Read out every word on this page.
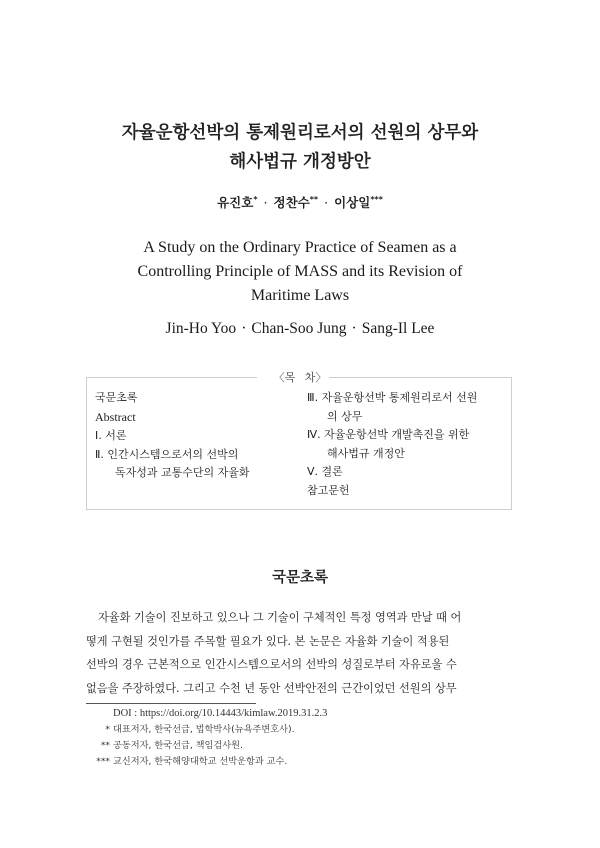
자율운항선박의 통제원리로서의 선원의 상무와
해사법규 개정방안
유진호* · 정찬수** · 이상일***
A Study on the Ordinary Practice of Seamen as a
Controlling Principle of MASS and its Revision of
Maritime Laws
Jin-Ho Yoo · Chan-Soo Jung · Sang-Il Lee
〈목 차〉
국문초록
Abstract
Ⅰ. 서론
Ⅱ. 인간시스템으로서의 선박의
독자성과 교통수단의 자율화
Ⅲ. 자율운항선박 통제원리로서 선원
의 상무
Ⅳ. 자율운항선박 개발촉진을 위한
해사법규 개정안
Ⅴ. 결론
참고문헌
국문초록
자율화 기술이 진보하고 있으나 그 기술이 구체적인 특정 영역과 만날 때 어
떻게 구현될 것인가를 주목할 필요가 있다. 본 논문은 자율화 기술이 적용된
선박의 경우 근본적으로 인간시스템으로서의 선박의 성질로부터 자유로울 수
없음을 주장하였다. 그리고 수천 년 동안 선박안전의 근간이었던 선원의 상무
DOI : https://doi.org/10.14443/kimlaw.2019.31.2.3
* 대표저자, 한국선급, 법학박사(뉴욕주변호사).
** 공동저자, 한국선급, 책임검사원.
*** 교신저자, 한국해양대학교 선박운항과 교수.
